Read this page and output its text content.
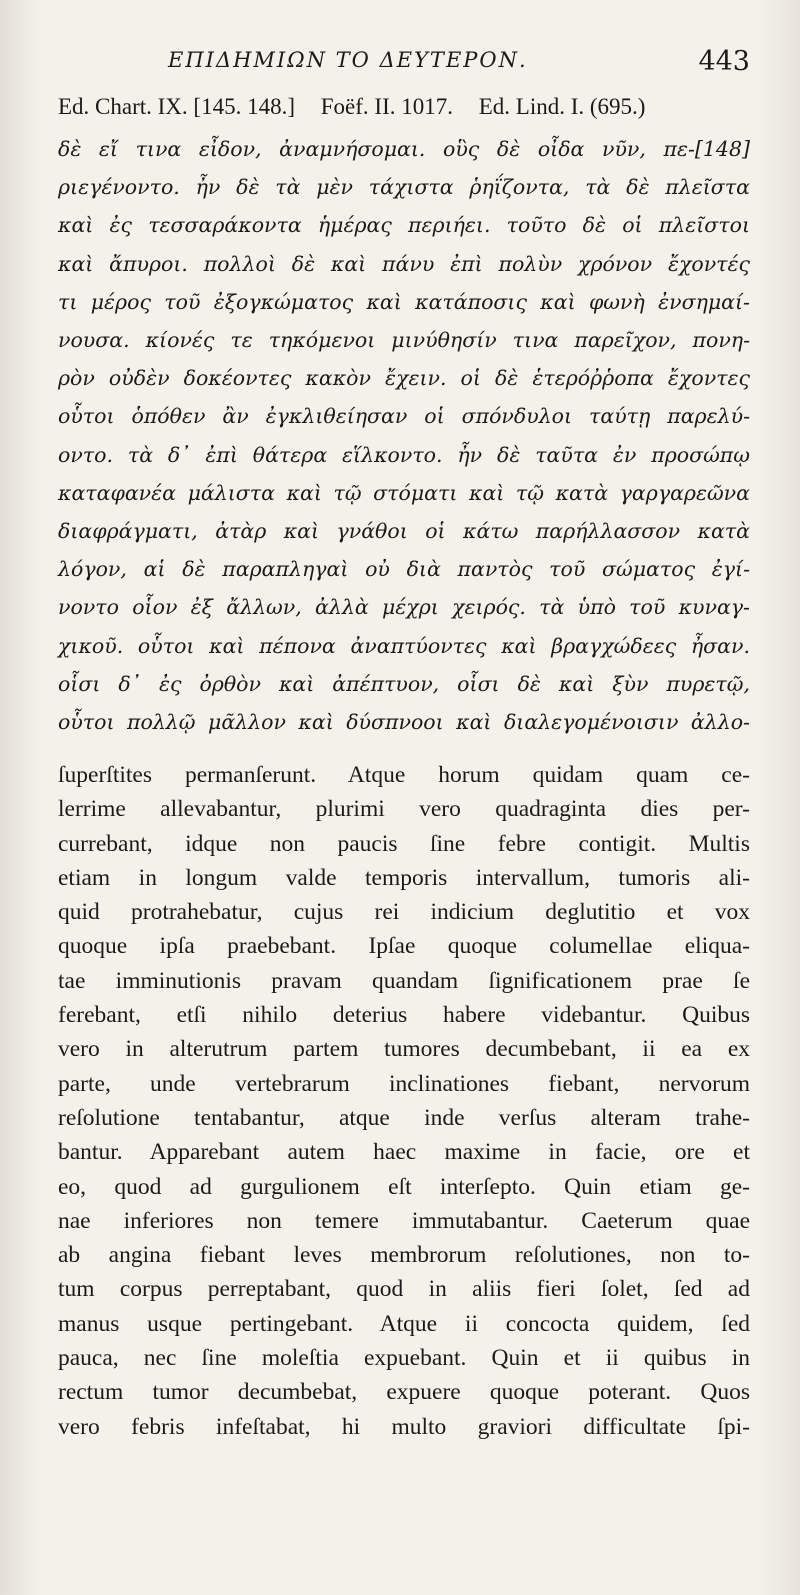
ΕΠΙΔΗΜΙΩΝ ΤΟ ΔΕΥΤΕΡΟΝ.	443
Ed. Chart. IX. [145. 148.] Foëf. II. 1017. Ed. Lind. I. (695.)
δὲ εἴ τινα εἶδον, ἀναμνήσομαι. οὓς δὲ οἶδα νῦν, πε-[148]
ριεγένοντο. ἦν δὲ τὰ μὲν τάχιστα ῥηΐζοντα, τὰ δὲ πλεῖστα
καὶ ἐς τεσσαράκοντα ἡμέρας περιήει. τοῦτο δὲ οἱ πλεῖστοι
καὶ ἄπυροι. πολλοὶ δὲ καὶ πάνυ ἐπὶ πολὺν χρόνον ἔχοντές
τι μέρος τοῦ ἐξογκώματος καὶ κατάποσις καὶ φωνὴ ἐνσημαί-
νουσα. κίονές τε τηκόμενοι μινύθησίν τινα παρεῖχον, πονη-
ρὸν οὐδὲν δοκέοντες κακὸν ἔχειν. οἱ δὲ ἑτερόῤῥοπα ἔχοντες
οὗτοι ὁπόθεν ἂν ἐγκλιθείησαν οἱ σπόνδυλοι ταύτῃ παρελύ-
οντο. τὰ δ᾽ ἐπὶ θάτερα εἵλκοντο. ἦν δὲ ταῦτα ἐν προσώπῳ
καταφανέα μάλιστα καὶ τῷ στόματι καὶ τῷ κατὰ γαργαρεῶνα
διαφράγματι, ἀτὰρ καὶ γνάθοι οἱ κάτω παρήλλασσον κατὰ
λόγον, αἱ δὲ παραπληγαὶ οὐ διὰ παντὸς τοῦ σώματος ἐγί-
νοντο οἷον ἐξ ἄλλων, ἀλλὰ μέχρι χειρός. τὰ ὑπὸ τοῦ κυναγ-
χικοῦ. οὗτοι καὶ πέπονα ἀναπτύοντες καὶ βραγχώδεες ἦσαν.
οἷσι δ᾽ ἐς ὀρθὸν καὶ ἀπέπτυον, οἷσι δὲ καὶ ξὺν πυρετῷ,
οὗτοι πολλῷ μᾶλλον καὶ δύσπνοοι καὶ διαλεγομένοισιν ἀλλο-
ſuperſtites permanſerunt. Atque horum quidam quam ce-
lerrime allevabantur, plurimi vero quadraginta dies per-
currebant, idque non paucis ſine febre contigit. Multis
etiam in longum valde temporis intervallum, tumoris ali-
quid protrahebatur, cujus rei indicium deglutitio et vox
quoque ipſa praebebant. Ipſae quoque columellae eliqua-
tae imminutionis pravam quandam ſignificationem prae ſe
ferebant, etſi nihilo deterius habere videbantur. Quibus
vero in alterutrum partem tumores decumbebant, ii ea ex
parte, unde vertebrarum inclinationes fiebant, nervorum
reſolutione tentabantur, atque inde verſus alteram trahe-
bantur. Apparebant autem haec maxime in facie, ore et
eo, quod ad gurgulionem eſt interſepto. Quin etiam ge-
nae inferiores non temere immutabantur. Caeterum quae
ab angina fiebant leves membrorum reſolutiones, non to-
tum corpus perreptabant, quod in aliis fieri ſolet, ſed ad
manus usque pertingebant. Atque ii concocta quidem, ſed
pauca, nec ſine moleſtia expuebant. Quin et ii quibus in
rectum tumor decumbebat, expuere quoque poterant. Quos
vero febris infeſtabat, hi multo graviori difficultate ſpi-
